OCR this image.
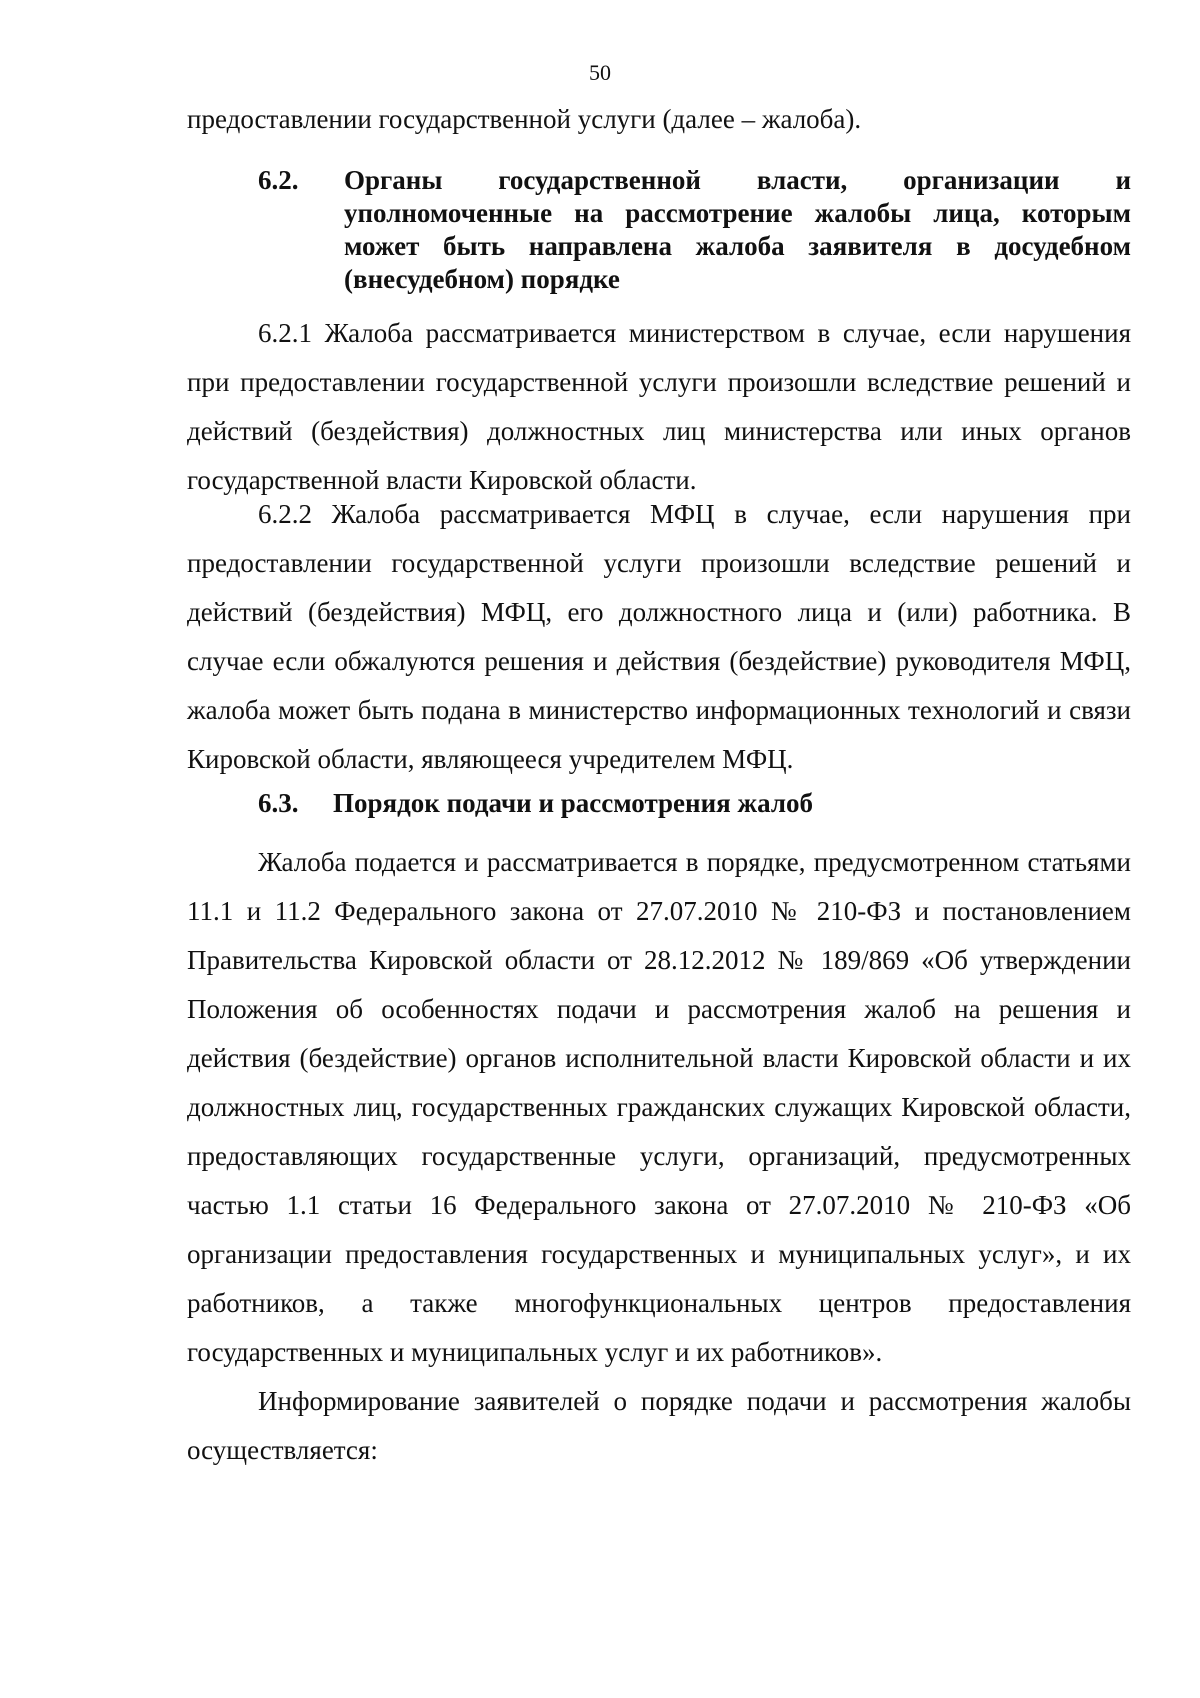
50
предоставлении государственной услуги (далее – жалоба).
6.2. Органы государственной власти, организации и уполномоченные на рассмотрение жалобы лица, которым может быть направлена жалоба заявителя в досудебном (внесудебном) порядке
6.2.1 Жалоба рассматривается министерством в случае, если нарушения при предоставлении государственной услуги произошли вследствие решений и действий (бездействия) должностных лиц министерства или иных органов государственной власти Кировской области.
6.2.2 Жалоба рассматривается МФЦ в случае, если нарушения при предоставлении государственной услуги произошли вследствие решений и действий (бездействия) МФЦ, его должностного лица и (или) работника. В случае если обжалуются решения и действия (бездействие) руководителя МФЦ, жалоба может быть подана в министерство информационных технологий и связи Кировской области, являющееся учредителем МФЦ.
6.3. Порядок подачи и рассмотрения жалоб
Жалоба подается и рассматривается в порядке, предусмотренном статьями 11.1 и 11.2 Федерального закона от 27.07.2010 № 210-ФЗ и постановлением Правительства Кировской области от 28.12.2012 № 189/869 «Об утверждении Положения об особенностях подачи и рассмотрения жалоб на решения и действия (бездействие) органов исполнительной власти Кировской области и их должностных лиц, государственных гражданских служащих Кировской области, предоставляющих государственные услуги, организаций, предусмотренных частью 1.1 статьи 16 Федерального закона от 27.07.2010 № 210-ФЗ «Об организации предоставления государственных и муниципальных услуг», и их работников, а также многофункциональных центров предоставления государственных и муниципальных услуг и их работников».
Информирование заявителей о порядке подачи и рассмотрения жалобы осуществляется:
